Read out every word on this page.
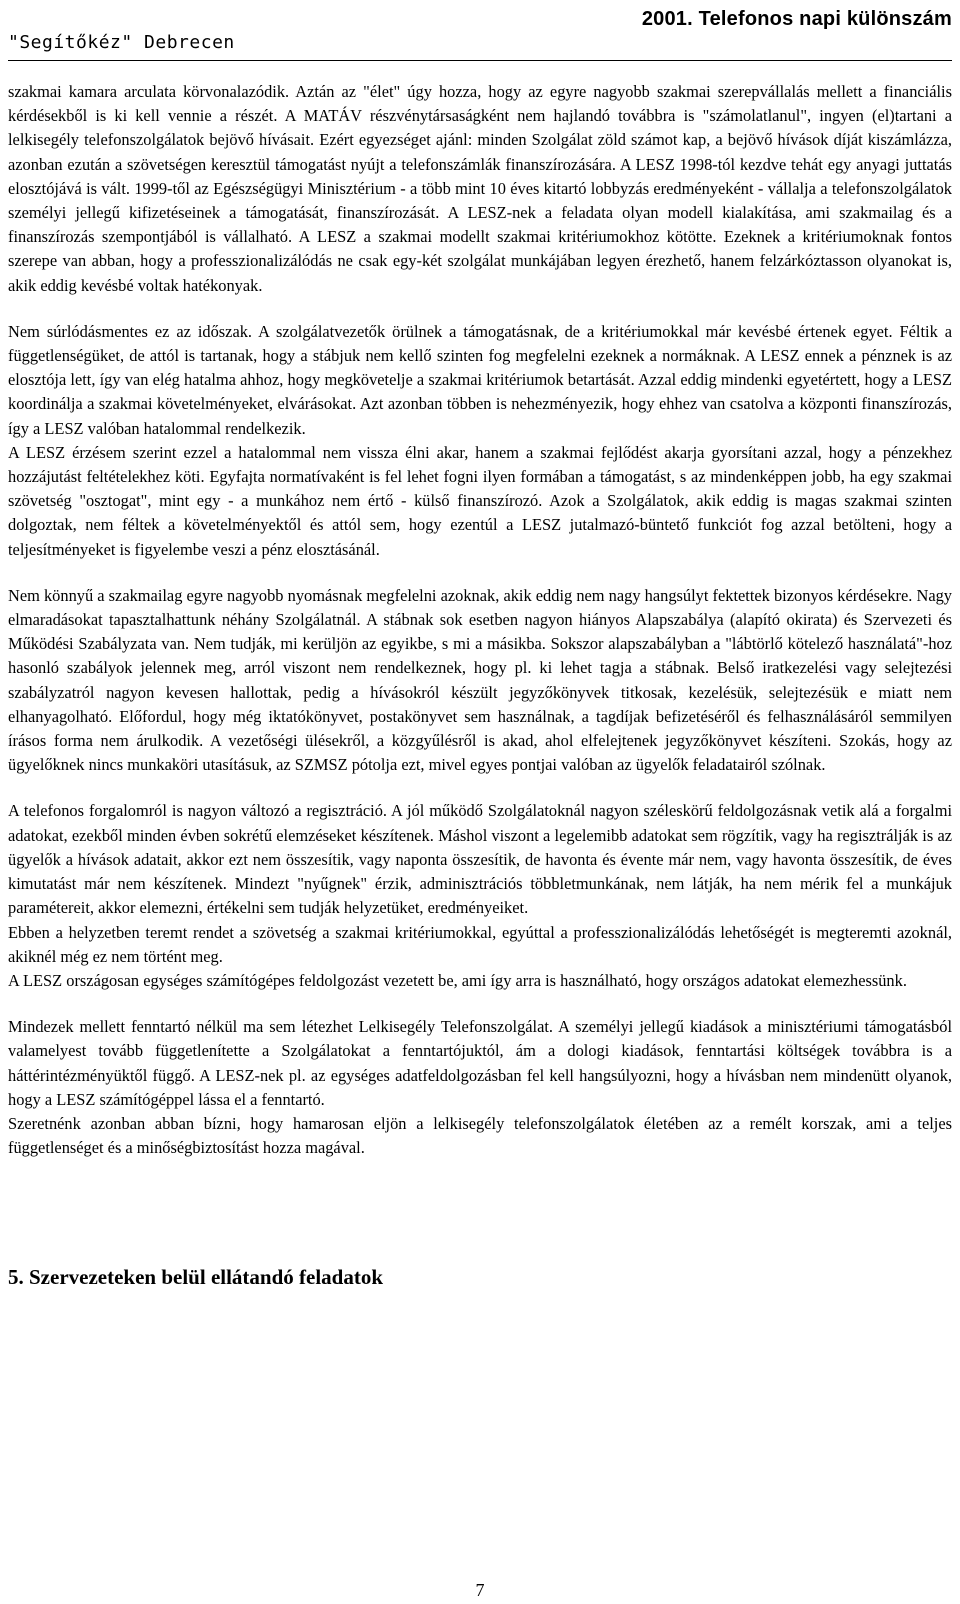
"Segítőkéz" Debrecen
2001. Telefonos napi különszám

szakmai kamara arculata körvonalazódik. Aztán az "élet" úgy hozza, hogy az egyre nagyobb szakmai szerepvállalás mellett a financiális kérdésekből is ki kell vennie a részét. A MATÁV részvénytársaságként nem hajlandó továbbra is "számolatlanul", ingyen (el)tartani a lelkisegély telefonszolgálatok bejövő hívásait. Ezért egyezséget ajánl: minden Szolgálat zöld számot kap, a bejövő hívások díját kiszámlázza, azonban ezután a szövetségen keresztül támogatást nyújt a telefonszámlák finanszírozására. A LESZ 1998-tól kezdve tehát egy anyagi juttatás elosztójává is vált. 1999-től az Egészségügyi Minisztérium - a több mint 10 éves kitartó lobbyzás eredményeként - vállalja a telefonszolgálatok személyi jellegű kifizetéseinek a támogatását, finanszírozását. A LESZ-nek a feladata olyan modell kialakítása, ami szakmailag és a finanszírozás szempontjából is vállalható. A LESZ a szakmai modellt szakmai kritériumokhoz kötötte. Ezeknek a kritériumoknak fontos szerepe van abban, hogy a professzionalizálódás ne csak egy-két szolgálat munkájában legyen érezhető, hanem felzárkóztasson olyanokat is, akik eddig kevésbé voltak hatékonyak.

Nem súrlódásmentes ez az időszak. A szolgálatvezetők örülnek a támogatásnak, de a kritériumokkal már kevésbé értenek egyet. Féltik a függetlenségüket, de attól is tartanak, hogy a stábjuk nem kellő szinten fog megfelelni ezeknek a normáknak. A LESZ ennek a pénznek is az elosztója lett, így van elég hatalma ahhoz, hogy megkövetelje a szakmai kritériumok betartását. Azzal eddig mindenki egyetértett, hogy a LESZ koordinálja a szakmai követelményeket, elvárásokat. Azt azonban többen is nehezményezik, hogy ehhez van csatolva a központi finanszírozás, így a LESZ valóban hatalommal rendelkezik.

A LESZ érzésem szerint ezzel a hatalommal nem vissza élni akar, hanem a szakmai fejlődést akarja gyorsítani azzal, hogy a pénzekhez hozzájutást feltételekhez köti. Egyfajta normatívaként is fel lehet fogni ilyen formában a támogatást, s az mindenképpen jobb, ha egy szakmai szövetség "osztogat", mint egy - a munkához nem értő - külső finanszírozó. Azok a Szolgálatok, akik eddig is magas szakmai szinten dolgoztak, nem féltek a követelményektől és attól sem, hogy ezentúl a LESZ jutalmazó-büntető funkciót fog azzal betölteni, hogy a teljesítményeket is figyelembe veszi a pénz elosztásánál.

Nem könnyű a szakmailag egyre nagyobb nyomásnak megfelelni azoknak, akik eddig nem nagy hangsúlyt fektettek bizonyos kérdésekre. Nagy elmaradásokat tapasztalhattunk néhány Szolgálatnál. A stábnak sok esetben nagyon hiányos Alapszabálya (alapító okirata) és Szervezeti és Működési Szabályzata van. Nem tudják, mi kerüljön az egyikbe, s mi a másikba. Sokszor alapszabályban a "lábtörlő kötelező használatá"-hoz hasonló szabályok jelennek meg, arról viszont nem rendelkeznek, hogy pl. ki lehet tagja a stábnak. Belső iratkezelési vagy selejtezési szabályzatról nagyon kevesen hallottak, pedig a hívásokról készült jegyzőkönyvek titkosak, kezelésük, selejtezésük e miatt nem elhanyagolható. Előfordul, hogy még iktatókönyvet, postakönyvet sem használnak, a tagdíjak befizetéséről és felhasználásáról semmilyen írásos forma nem árulkodik. A vezetőségi ülésekről, a közgyűlésről is akad, ahol elfelejtenek jegyzőkönyvet készíteni. Szokás, hogy az ügyelőknek nincs munkaköri utasításuk, az SZMSZ pótolja ezt, mivel egyes pontjai valóban az ügyelők feladatairól szólnak.

A telefonos forgalomról is nagyon változó a regisztráció. A jól működő Szolgálatoknál nagyon széleskörű feldolgozásnak vetik alá a forgalmi adatokat, ezekből minden évben sokrétű elemzéseket készítenek. Máshol viszont a legelemibb adatokat sem rögzítik, vagy ha regisztrálják is az ügyelők a hívások adatait, akkor ezt nem összesítik, vagy naponta összesítik, de havonta és évente már nem, vagy havonta összesítik, de éves kimutatást már nem készítenek. Mindezt "nyűgnek" érzik, adminisztrációs többletmunkának, nem látják, ha nem mérik fel a munkájuk paramétereit, akkor elemezni, értékelni sem tudják helyzetüket, eredményeiket.

Ebben a helyzetben teremt rendet a szövetség a szakmai kritériumokkal, egyúttal a professzionalizálódás lehetőségét is megteremti azoknál, akiknél még ez nem történt meg.

A LESZ országosan egységes számítógépes feldolgozást vezetett be, ami így arra is használható, hogy országos adatokat elemezhessünk.

Mindezek mellett fenntartó nélkül ma sem létezhet Lelkisegély Telefonszolgálat. A személyi jellegű kiadások a minisztériumi támogatásból valamelyest tovább függetlenítette a Szolgálatokat a fenntartójuktól, ám a dologi kiadások, fenntartási költségek továbbra is a háttérintézményüktől függő. A LESZ-nek pl. az egységes adatfeldolgozásban fel kell hangsúlyozni, hogy a hívásban nem mindenütt olyanok, hogy a LESZ számítógéppel lássa el a fenntartó.

Szeretnénk azonban abban bízni, hogy hamarosan eljön a lelkisegély telefonszolgálatok életében az a remélt korszak, ami a teljes függetlenséget és a minőségbiztosítást hozza magával.

5. Szervezeteken belül ellátandó feladatok
7
